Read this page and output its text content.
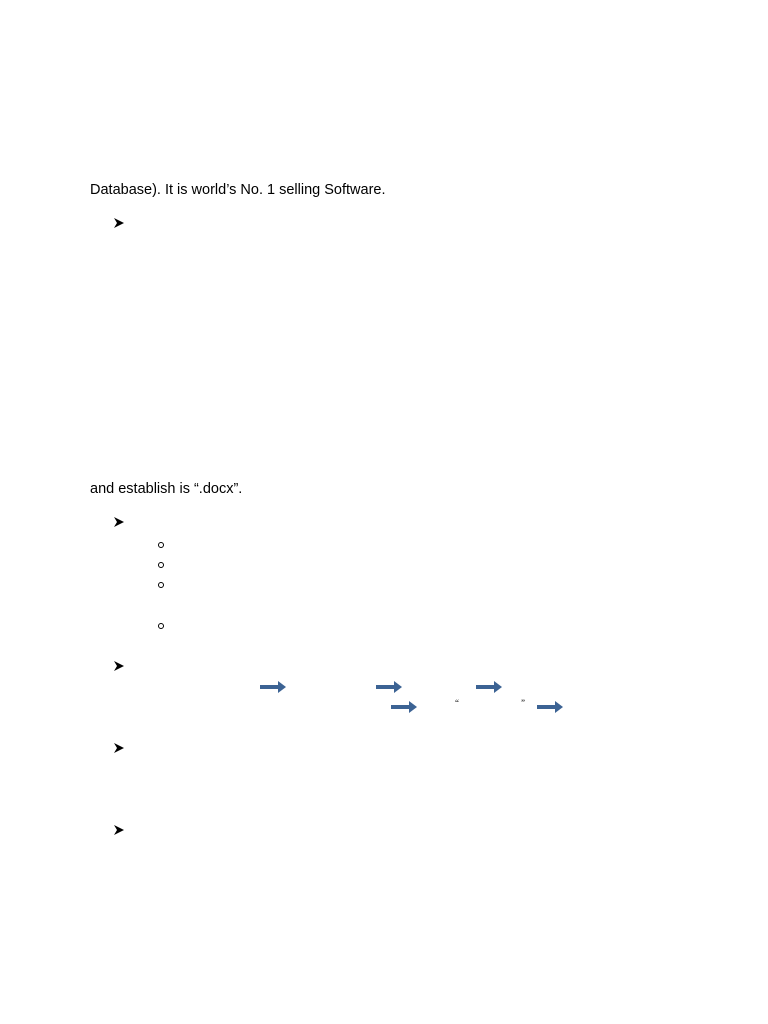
Database). It is world’s No. 1 selling Software.
and establish is “.docx”.
“	”
